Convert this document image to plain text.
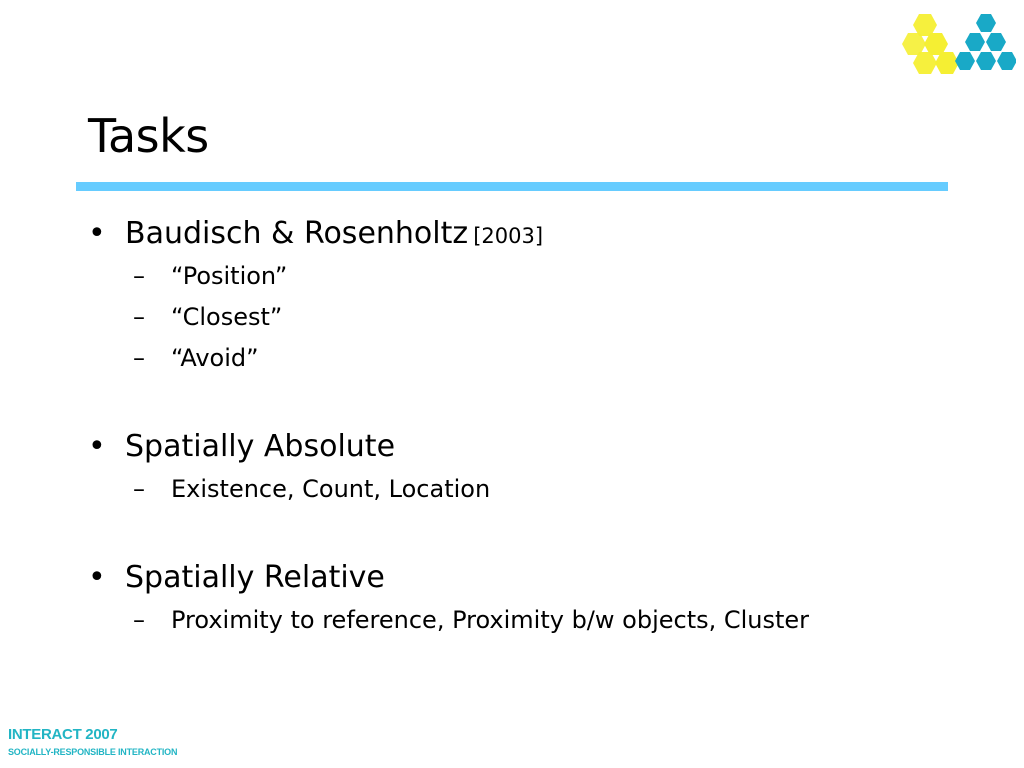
Tasks
• Baudisch & Rosenholtz [2003]
– “Position”
– “Closest”
– “Avoid”
• Spatially Absolute
– Existence, Count, Location
• Spatially Relative
– Proximity to reference, Proximity b/w objects, Cluster
INTERACT 2007
SOCIALLY-RESPONSIBLE INTERACTION
